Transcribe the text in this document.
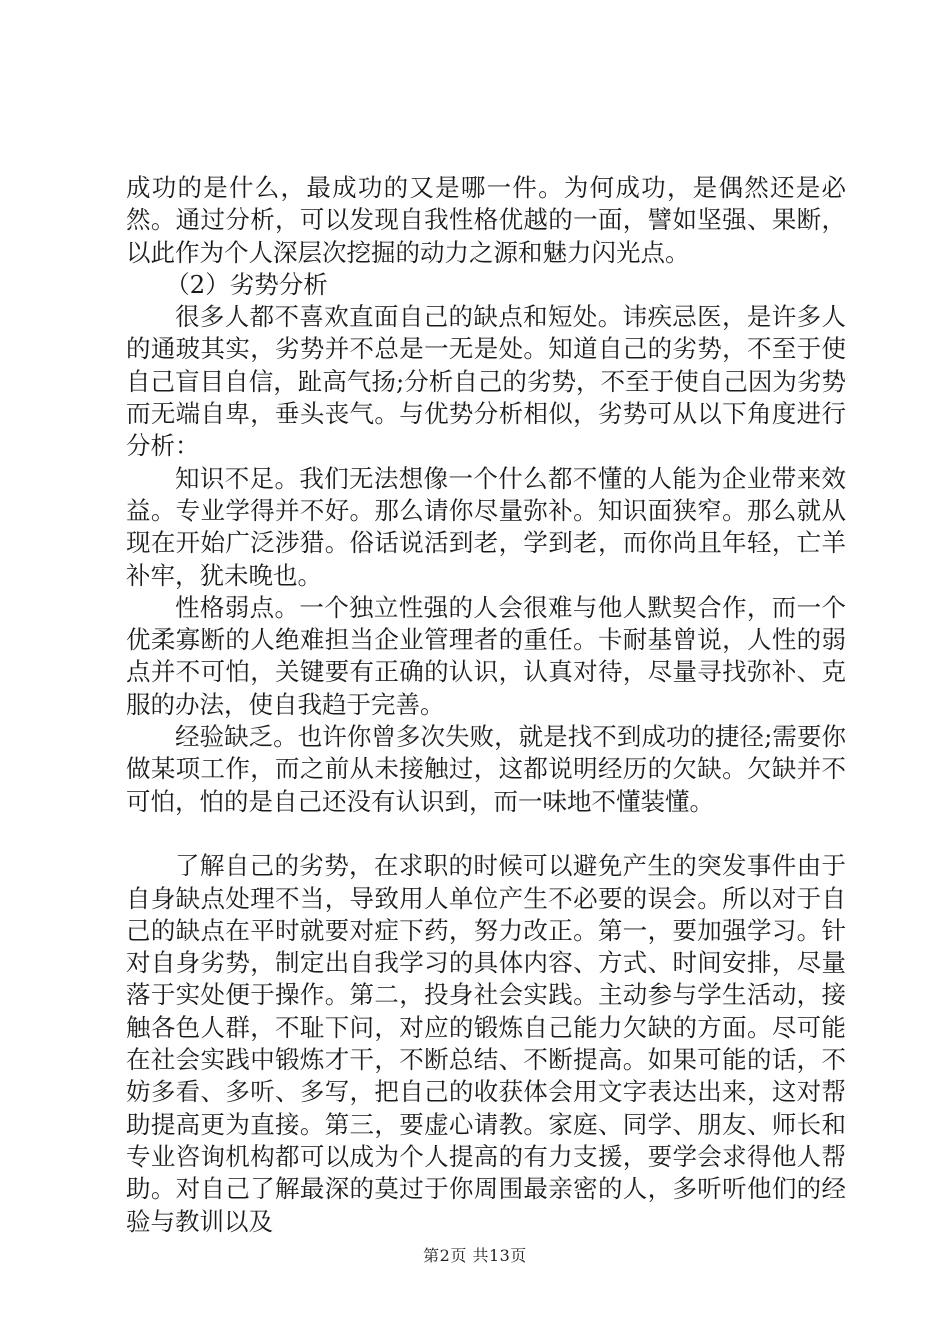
成功的是什么，最成功的又是哪一件。为何成功，是偶然还是必然。通过分析，可以发现自我性格优越的一面，譬如坚强、果断，以此作为个人深层次挖掘的动力之源和魅力闪光点。

（2）劣势分析

很多人都不喜欢直面自己的缺点和短处。讳疾忌医，是许多人的通玻其实，劣势并不总是一无是处。知道自己的劣势，不至于使自己盲目自信，趾高气扬;分析自己的劣势，不至于使自己因为劣势而无端自卑，垂头丧气。与优势分析相似，劣势可从以下角度进行分析：

知识不足。我们无法想像一个什么都不懂的人能为企业带来效益。专业学得并不好。那么请你尽量弥补。知识面狭窄。那么就从现在开始广泛涉猎。俗话说活到老，学到老，而你尚且年轻，亡羊补牢，犹未晚也。

性格弱点。一个独立性强的人会很难与他人默契合作，而一个优柔寡断的人绝难担当企业管理者的重任。卡耐基曾说，人性的弱点并不可怕，关键要有正确的认识，认真对待，尽量寻找弥补、克服的办法，使自我趋于完善。

经验缺乏。也许你曾多次失败，就是找不到成功的捷径;需要你做某项工作，而之前从未接触过，这都说明经历的欠缺。欠缺并不可怕，怕的是自己还没有认识到，而一味地不懂装懂。

了解自己的劣势，在求职的时候可以避免产生的突发事件由于自身缺点处理不当，导致用人单位产生不必要的误会。所以对于自己的缺点在平时就要对症下药，努力改正。第一，要加强学习。针对自身劣势，制定出自我学习的具体内容、方式、时间安排，尽量落于实处便于操作。第二，投身社会实践。主动参与学生活动，接触各色人群，不耻下问，对应的锻炼自己能力欠缺的方面。尽可能在社会实践中锻炼才干，不断总结、不断提高。如果可能的话，不妨多看、多听、多写，把自己的收获体会用文字表达出来，这对帮助提高更为直接。第三，要虚心请教。家庭、同学、朋友、师长和专业咨询机构都可以成为个人提高的有力支援，要学会求得他人帮助。对自己了解最深的莫过于你周围最亲密的人，多听听他们的经验与教训以及

第2页 共13页
